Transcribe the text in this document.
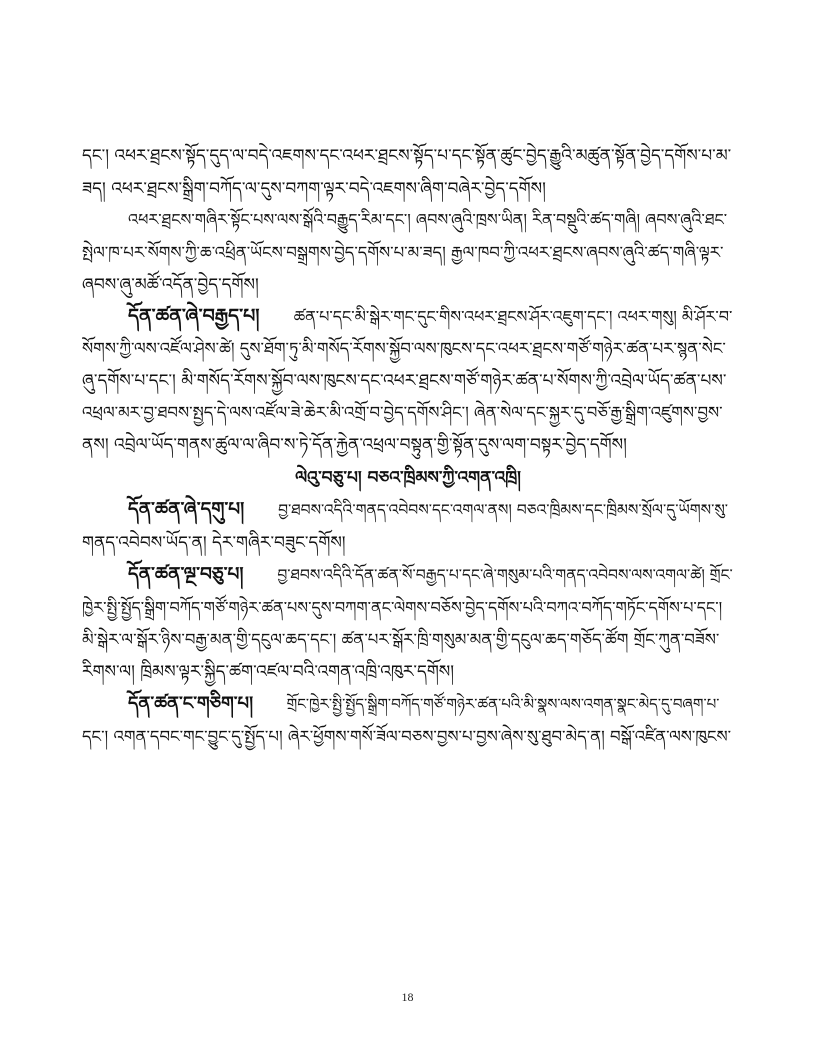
དང་། འཕར་ཐྲངས་སྟོད་དུད་ལ་བདེ་འཇགས་དང་འཕར་ཐྲངས་སྟོད་པ་དང་སྟོན་ཚུང་བྱེད་རྒྱུའི་མཚུན་སྟོན་བྱེད་དགོས་པ་མ་
ཟད། འཕར་ཐྲངས་སྒྲིག་བཀོད་ལ་དུས་བཀག་ལྟར་བདེ་འཇགས་ཞིག་བཞེར་བྱེད་དགོས།
འཕར་ཐྲངས་གཞིར་སྟོང་པས་ལས་སྒོའི་བརྒྱུད་རིམ་དང་། ཞབས་ཞུའི་ཁྲས་ཡིན། རིན་བསྡུའི་ཚད་གཞི། ཞབས་ཞུའི་ཐང་
སྤེལ་ཁ་པར་སོགས་ཀྱི་ཆ་འཕྲིན་ཡོངས་བསྒྲགས་བྱེད་དགོས་པ་མ་ཟད། རྒྱལ་ཁབ་ཀྱི་འཕར་ཐྲངས་ཞབས་ཞུའི་ཚད་གཞི་ལྟར་
ཞབས་ཞུ་མཚོ་འདོན་བྱེད་དགོས།
དོན་ཚན་ཞེ་བརྒྱད་པ། ཚན་པ་དང་མི་སྒེར་གང་དུང་གིས་འཕར་ཐྲངས་ཤོར་འཇུག་དང་། འཕར་གསུ། མི་ཤོར་བ་
སོགས་ཀྱི་ལས་འཛོལ་ཤེས་ཚེ། དུས་ཐོག་ཏུ་མི་གསོད་རོགས་སྐྱོབ་ལས་ཁུངས་དང་འཕར་ཐྲངས་གཙོ་གཉེར་ཚན་པར་སྙན་སེང་
ཞུ་དགོས་པ་དང་། མི་གསོད་རོགས་སྐྱོབ་ལས་ཁུངས་དང་འཕར་ཐྲངས་གཙོ་གཉེར་ཚན་པ་སོགས་ཀྱི་འབྲེལ་ཡོད་ཚན་པས་
འཕྲལ་མར་བྱ་ཐབས་སྤྱད་དེ་ལས་འཛོལ་ཟེ་ཆེར་མི་འགྲོ་བ་བྱེད་དགོས་ཤིང་། ཞེན་སེལ་དང་སྐྱར་དུ་བཅོ་རྒྱ་སྒྲིག་འཛུགས་བྱས་
ནས། འབྲེལ་ཡོད་གནས་ཚུལ་ལ་ཞིབ་ས་ཏེ་དོན་རྐྱེན་འཕྲལ་བསྟུན་གྱི་སྟོན་དུས་ལག་བསྟར་བྱེད་དགོས།
ལེའུ་བཅུ་པ། བཅའ་ཁྲིམས་ཀྱི་འགན་འཁྲི།
དོན་ཚན་ཞེ་དགུ་པ། བྱ་ཐབས་འདིའི་གནད་འབེབས་དང་འགལ་ནས། བཅའ་ཁྲིམས་དང་ཁྲིམས་སྲོལ་དུ་ཡོགས་སུ་
གནད་འབེབས་ཡོད་ན། དེར་གཞིར་བཟུང་དགོས།
དོན་ཚན་ལྔ་བཅུ་པ། བྱ་ཐབས་འདིའི་དོན་ཚན་སོ་བརྒྱད་པ་དང་ཞེ་གསུམ་པའི་གནད་འབེབས་ལས་འགལ་ཚེ། གྲོང་
ཁྱེར་སྤྱི་སྤྱོད་སྒྲིག་བཀོད་གཙོ་གཉེར་ཚན་པས་དུས་བཀག་ནང་ལེགས་བཅོས་བྱེད་དགོས་པའི་བཀའ་བཀོད་གཏོང་དགོས་པ་དང་།
མི་སྒེར་ལ་སྒོར་ཉིས་བརྒྱ་མན་གྱི་དངུལ་ཆད་དང་། ཚན་པར་སྒོར་ཁྲི་གསུམ་མན་གྱི་དངུལ་ཆད་གཅོད་ཚོག གྲོང་ཀུན་བཟོས་
རིགས་ལ། ཁྲིམས་ལྟར་སྐྱིད་ཚག་འཛལ་བའི་འགན་འཁྲི་འཁུར་དགོས།
དོན་ཚན་ང་གཅིག་པ། གྲོང་ཁྱེར་སྤྱི་སྤྱོད་སྒྲིག་བཀོད་གཙོ་གཉེར་ཚན་པའི་མི་སྣས་ལས་འགན་སྣང་མེད་དུ་བཞག་པ་
དང་། འགན་དབང་གང་བྱུང་དུ་སྤྱོད་པ། ཞེར་ཕྱོགས་གསོ་ཟོལ་བཅས་བྱས་པ་བྱས་ཞེས་སུ་ཐུབ་མེད་ན། བསྒོ་འཛིན་ལས་ཁུངས་
18
